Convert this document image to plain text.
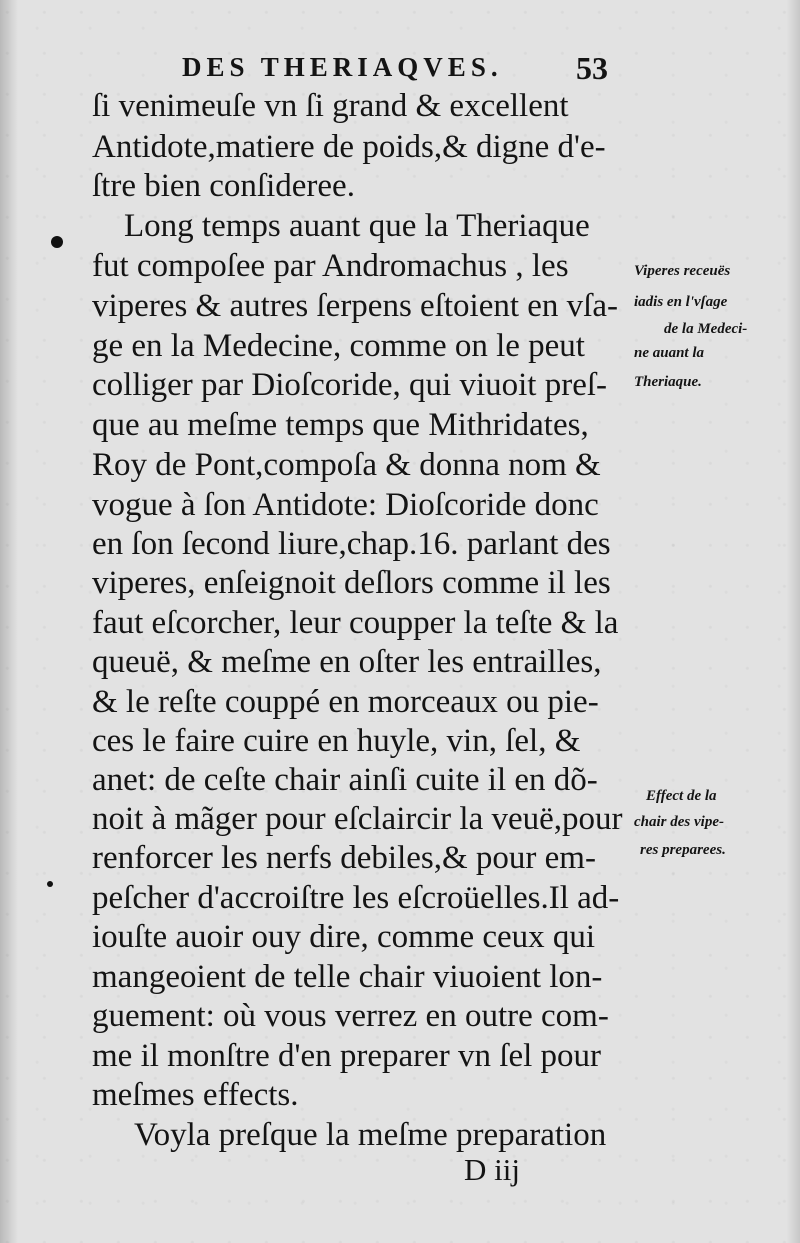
DES THERIAQVES. 53
ſi venimeuſe vn ſi grand & excellent
Antidote,matiere de poids,& digne d'e-
ſtre bien conſideree.
Long temps auant que la Theriaque
fut compoſee par Andromachus , les
viperes & autres ſerpens eſtoient en vſa-
ge en la Medecine, comme on le peut
colliger par Dioſcoride, qui viuoit preſ-
que au meſme temps que Mithridates,
Roy de Pont,compoſa & donna nom &
vogue à ſon Antidote: Dioſcoride donc
en ſon ſecond liure,chap.16. parlant des
viperes, enſeignoit deſlors comme il les
faut eſcorcher, leur coupper la teſte & la
queuë, & meſme en oſter les entrailles,
& le reſte couppé en morceaux ou pie-
ces le faire cuire en huyle, vin, ſel, &
anet: de ceſte chair ainſi cuite il en dõ-
noit à mãger pour eſclaircir la veuë,pour
renforcer les nerfs debiles,& pour em-
peſcher d'accroiſtre les eſcroüelles.Il ad-
iouſte auoir ouy dire, comme ceux qui
mangeoient de telle chair viuoient lon-
guement: où vous verrez en outre com-
me il monſtre d'en preparer vn ſel pour
meſmes effects.
Voyla preſque la meſme preparation
Viperes receuës
iadis en l'vſage
de la Medeci-
ne auant la
Theriaque.
Effect de la
chair des vipe-
res preparees.
D iij
